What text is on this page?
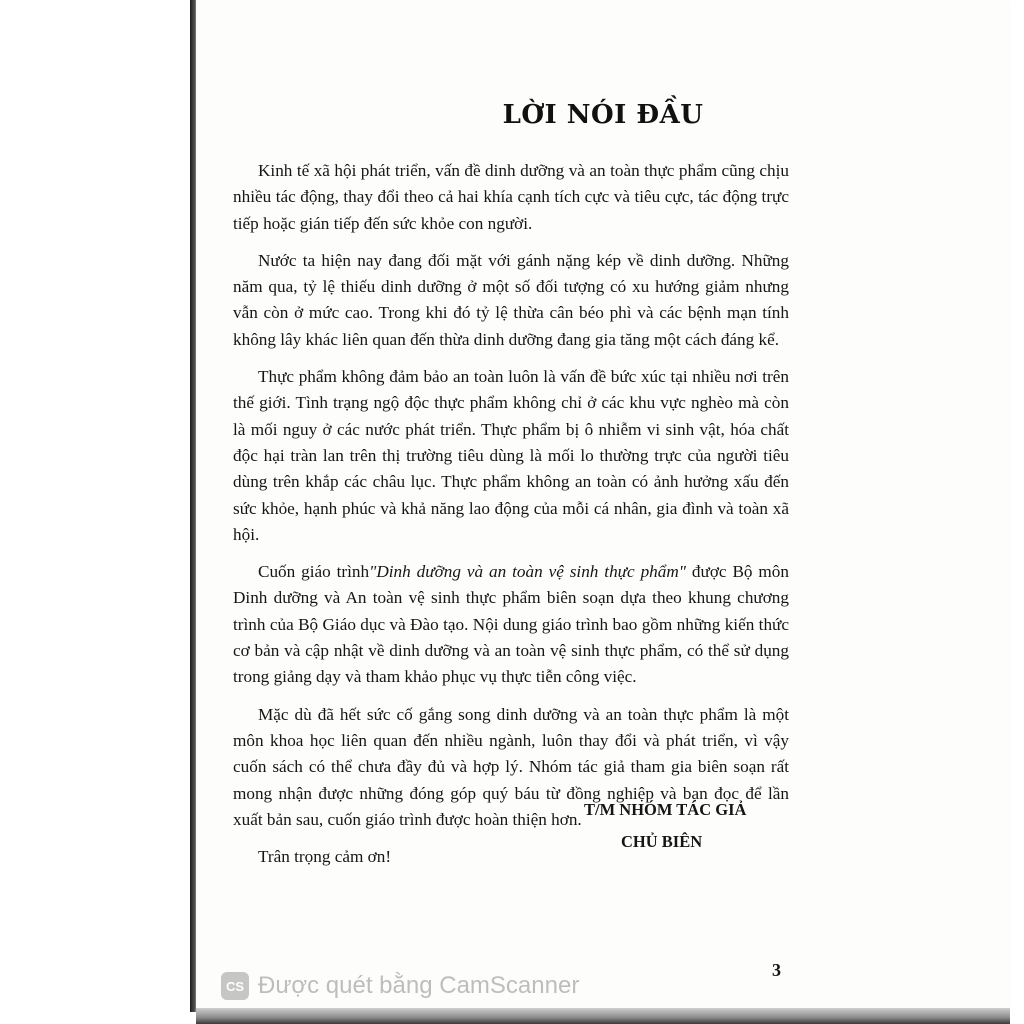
LỜI NÓI ĐẦU

Kinh tế xã hội phát triển, vấn đề dinh dưỡng và an toàn thực phẩm cũng chịu nhiều tác động, thay đổi theo cả hai khía cạnh tích cực và tiêu cực, tác động trực tiếp hoặc gián tiếp đến sức khỏe con người.

Nước ta hiện nay đang đối mặt với gánh nặng kép về dinh dưỡng. Những năm qua, tỷ lệ thiếu dinh dưỡng ở một số đối tượng có xu hướng giảm nhưng vẫn còn ở mức cao. Trong khi đó tỷ lệ thừa cân béo phì và các bệnh mạn tính không lây khác liên quan đến thừa dinh dưỡng đang gia tăng một cách đáng kể.

Thực phẩm không đảm bảo an toàn luôn là vấn đề bức xúc tại nhiều nơi trên thế giới. Tình trạng ngộ độc thực phẩm không chỉ ở các khu vực nghèo mà còn là mối nguy ở các nước phát triển. Thực phẩm bị ô nhiễm vi sinh vật, hóa chất độc hại tràn lan trên thị trường tiêu dùng là mối lo thường trực của người tiêu dùng trên khắp các châu lục. Thực phẩm không an toàn có ảnh hưởng xấu đến sức khỏe, hạnh phúc và khả năng lao động của mỗi cá nhân, gia đình và toàn xã hội.

Cuốn giáo trình"Dinh dưỡng và an toàn vệ sinh thực phẩm" được Bộ môn Dinh dưỡng và An toàn vệ sinh thực phẩm biên soạn dựa theo khung chương trình của Bộ Giáo dục và Đào tạo. Nội dung giáo trình bao gồm những kiến thức cơ bản và cập nhật về dinh dưỡng và an toàn vệ sinh thực phẩm, có thể sử dụng trong giảng dạy và tham khảo phục vụ thực tiễn công việc.

Mặc dù đã hết sức cố gắng song dinh dưỡng và an toàn thực phẩm là một môn khoa học liên quan đến nhiều ngành, luôn thay đổi và phát triển, vì vậy cuốn sách có thể chưa đầy đủ và hợp lý. Nhóm tác giả tham gia biên soạn rất mong nhận được những đóng góp quý báu từ đồng nghiệp và bạn đọc để lần xuất bản sau, cuốn giáo trình được hoàn thiện hơn.

Trân trọng cảm ơn!

T/M NHÓM TÁC GIẢ
CHỦ BIÊN
3
CS Được quét bằng CamScanner
